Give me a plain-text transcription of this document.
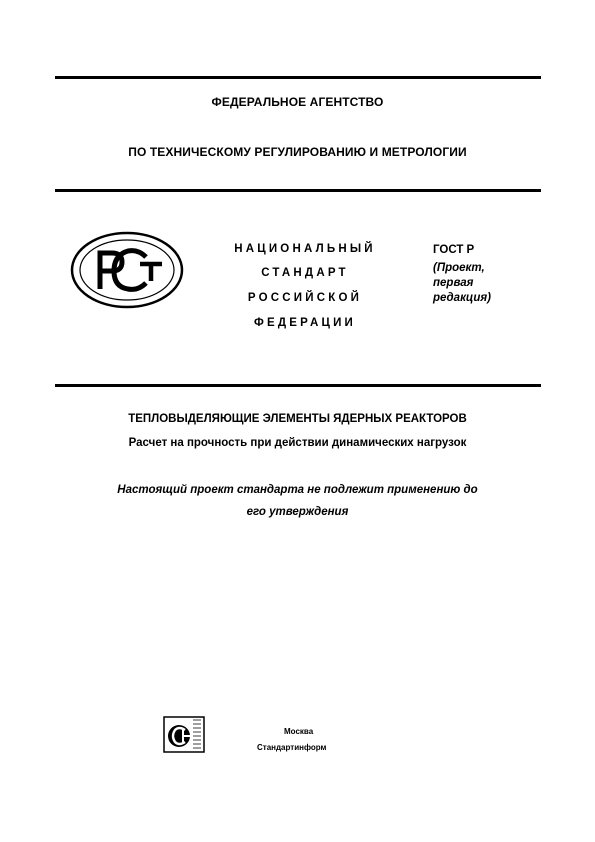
ФЕДЕРАЛЬНОЕ АГЕНТСТВО
ПО ТЕХНИЧЕСКОМУ РЕГУЛИРОВАНИЮ И МЕТРОЛОГИИ
НАЦИОНАЛЬНЫЙ
СТАНДАРТ
РОССИЙСКОЙ
ФЕДЕРАЦИИ
ГОСТ Р
(Проект,
первая
редакция)
ТЕПЛОВЫДЕЛЯЮЩИЕ ЭЛЕМЕНТЫ ЯДЕРНЫХ РЕАКТОРОВ
Расчет на прочность при действии динамических нагрузок
Настоящий проект стандарта не подлежит применению до
его утверждения
Москва
Стандартинформ
